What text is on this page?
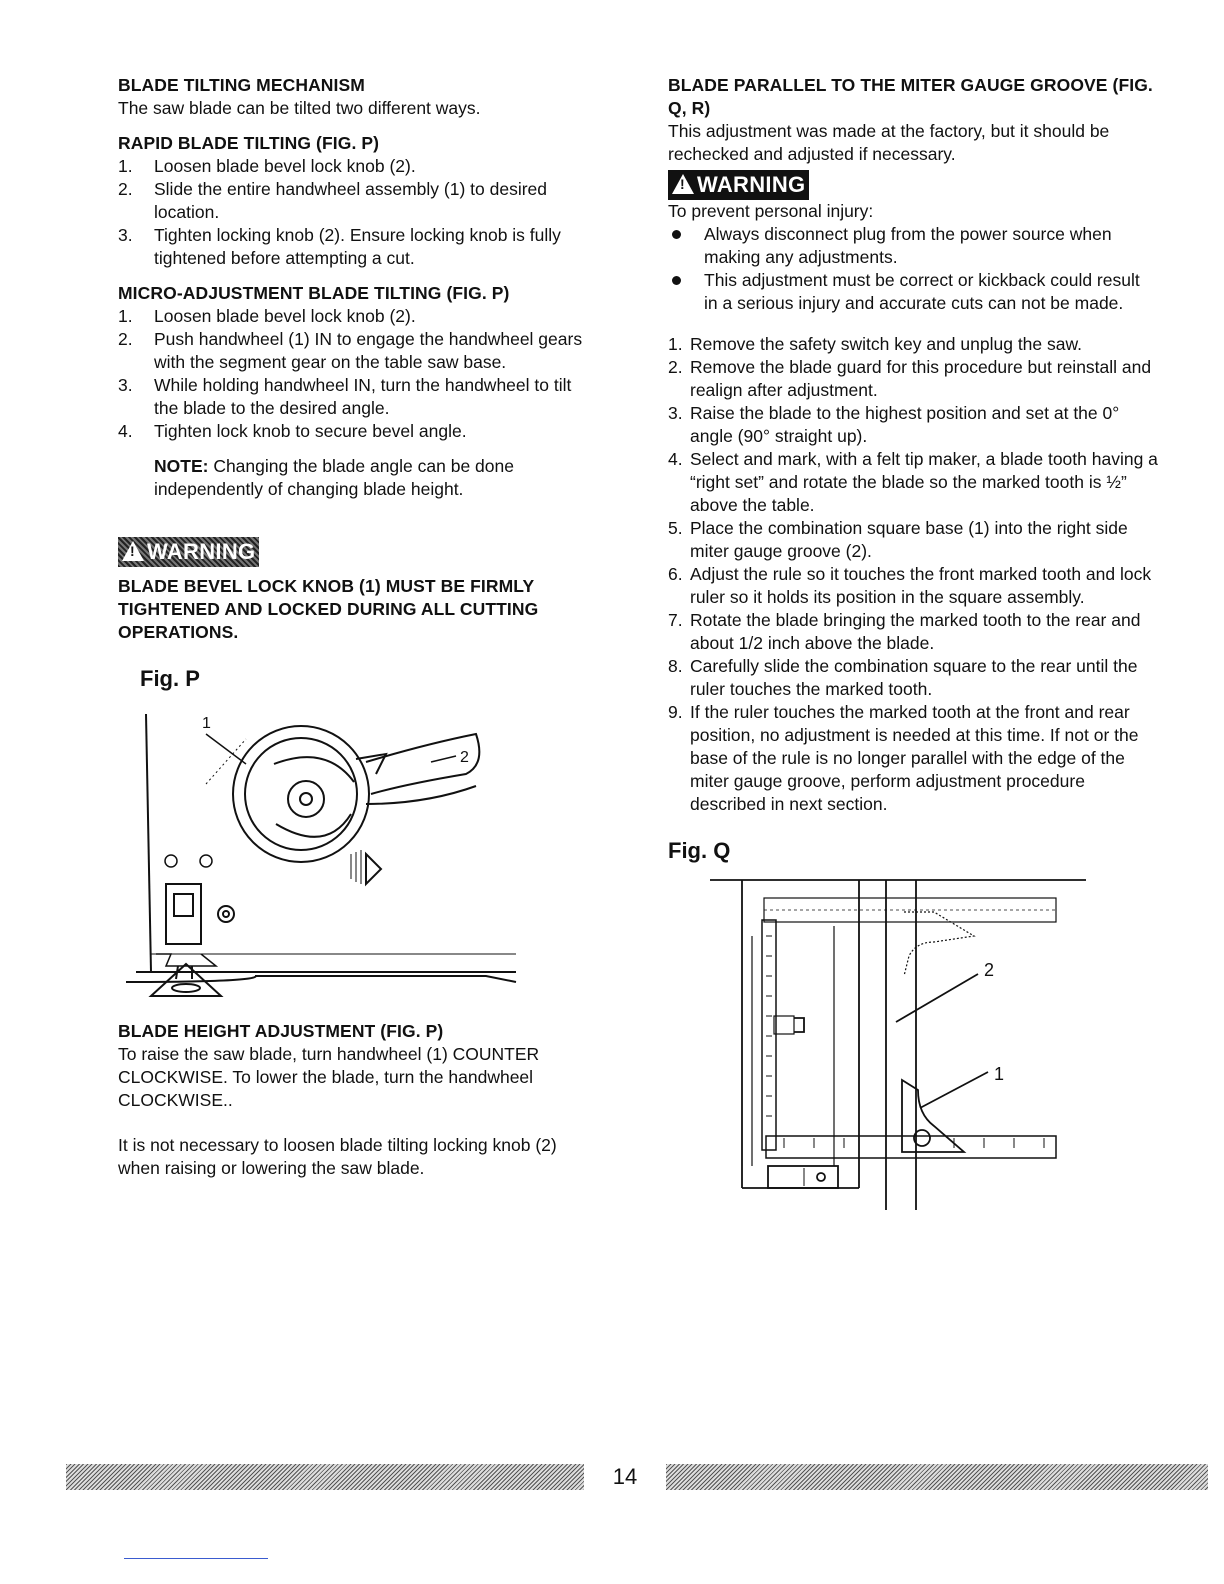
BLADE TILTING MECHANISM

The saw blade can be tilted two different ways.

RAPID BLADE TILTING (FIG. P)

1. Loosen blade bevel lock knob (2).
2. Slide the entire handwheel assembly (1) to desired location.
3. Tighten locking knob (2). Ensure locking knob is fully tightened before attempting a cut.

MICRO-ADJUSTMENT BLADE TILTING (FIG. P)

1. Loosen blade bevel lock knob (2).
2. Push handwheel (1) IN to engage the handwheel gears with the segment gear on the table saw base.
3. While holding handwheel IN, turn the handwheel to tilt the blade to the desired angle.
4. Tighten lock knob to secure bevel angle.

NOTE: Changing the blade angle can be done independently of changing blade height.

!WARNING

BLADE BEVEL LOCK KNOB (1) MUST BE FIRMLY TIGHTENED AND LOCKED DURING ALL CUTTING OPERATIONS.

Fig. P
1
2

BLADE HEIGHT ADJUSTMENT (FIG. P)

To raise the saw blade, turn handwheel (1) COUNTER CLOCKWISE. To lower the blade, turn the handwheel CLOCKWISE..

It is not necessary to loosen blade tilting locking knob (2) when raising or lowering the saw blade.

BLADE PARALLEL TO THE MITER GAUGE GROOVE (FIG. Q, R)

This adjustment was made at the factory, but it should be rechecked and adjusted if necessary.

!WARNING

To prevent personal injury:

Always disconnect plug from the power source when making any adjustments.
This adjustment must be correct or kickback could result in a serious injury and accurate cuts can not be made.
1. Remove the safety switch key and unplug the saw.
2. Remove the blade guard for this procedure but reinstall and realign after adjustment.
3. Raise the blade to the highest position and set at the 0° angle (90° straight up).
4. Select and mark, with a felt tip maker, a blade tooth having a “right set” and rotate the blade so the marked tooth is ½” above the table.
5. Place the combination square base (1) into the right side miter gauge groove (2).
6. Adjust the rule so it touches the front marked tooth and lock ruler so it holds its position in the square assembly.
7. Rotate the blade bringing the marked tooth to the rear and about 1/2 inch above the blade.
8. Carefully slide the combination square to the rear until the ruler touches the marked tooth.
9. If the ruler touches the marked tooth at the front and rear position, no adjustment is needed at this time. If not or the base of the rule is no longer parallel with the edge of the miter gauge groove, perform adjustment procedure described in next section.
Fig. Q
2
1
14
